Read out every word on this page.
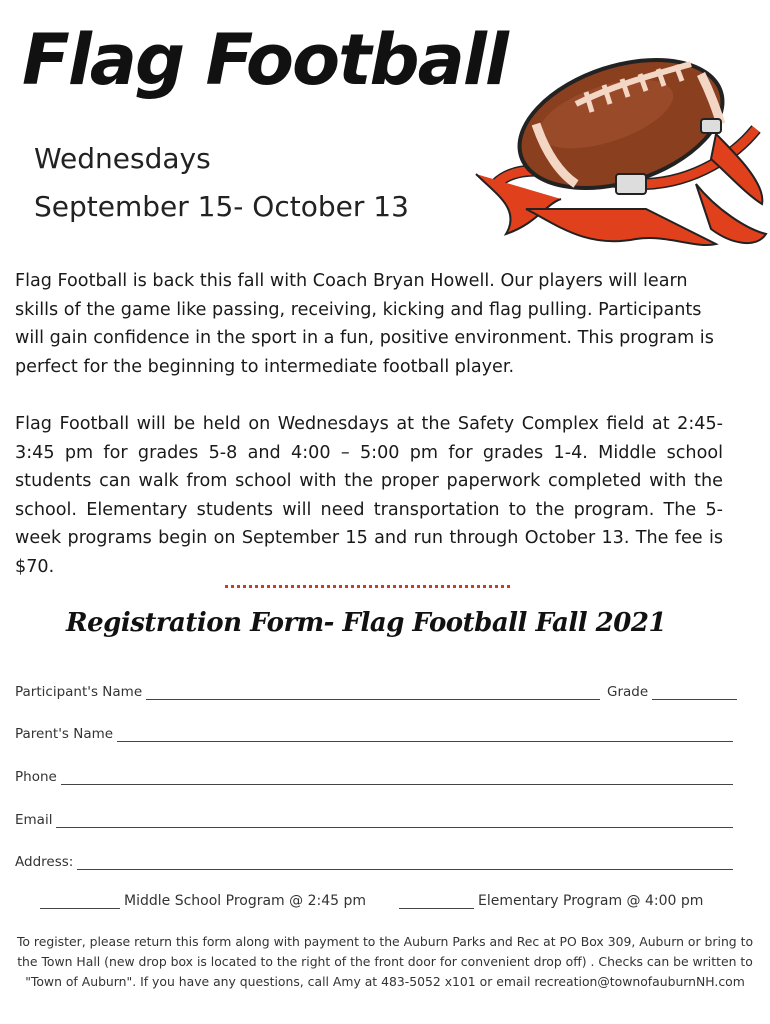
Flag Football

Wednesdays

September 15- October 13

Flag Football is back this fall with Coach Bryan Howell. Our players will learn skills of the game like passing, receiving, kicking and flag pulling. Participants will gain confidence in the sport in a fun, positive environment. This program is perfect for the beginning to intermediate football player.

Flag Football will be held on Wednesdays at the Safety Complex field at 2:45-3:45 pm for grades 5-8 and 4:00 – 5:00 pm for grades 1-4. Middle school students can walk from school with the proper paperwork completed with the school. Elementary students will need transportation to the program. The 5-week programs begin on September 15 and run through October 13. The fee is $70.

Registration Form- Flag Football Fall 2021
Participant's Name	Grade
Parent's Name
Phone
Email
Address:
Middle School Program @ 2:45 pm	Elementary Program @ 4:00 pm

To register, please return this form along with payment to the Auburn Parks and Rec at PO Box 309, Auburn or bring to the Town Hall (new drop box is located to the right of the front door for convenient drop off) . Checks can be written to "Town of Auburn". If you have any questions, call Amy at 483-5052 x101 or email recreation@townofauburnNH.com
